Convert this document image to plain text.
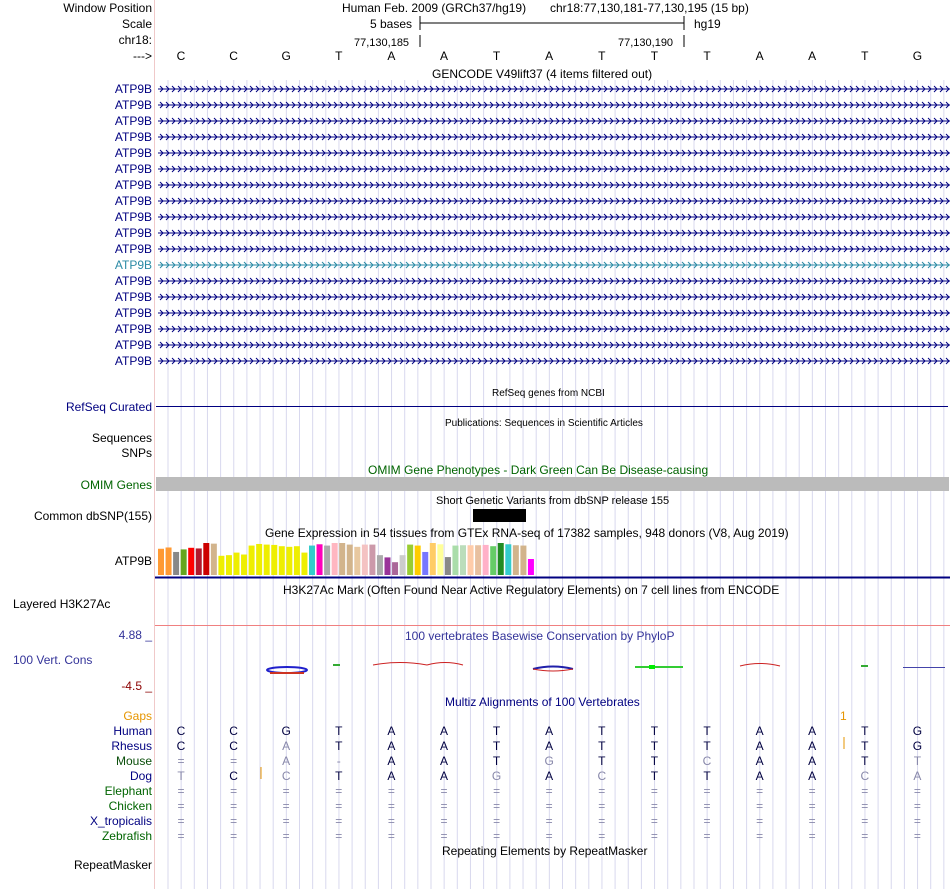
Window Position
Scale
chr18:
--->
Human Feb. 2009 (GRCh37/hg19) chr18:77,130,181-77,130,195 (15 bp)
5 bases	hg19
77,130,185	77,130,190
C	C	G	T	A	A	T	A	T	T	T	A	A	T	G
GENCODE V49lift37 (4 items filtered out)
ATP9B
ATP9B
ATP9B
ATP9B
ATP9B
ATP9B
ATP9B
ATP9B
ATP9B
ATP9B
ATP9B
ATP9B
ATP9B
ATP9B
ATP9B
ATP9B
ATP9B
ATP9B
RefSeq genes from NCBI
RefSeq Curated
Publications: Sequences in Scientific Articles
Sequences
SNPs
OMIM Gene Phenotypes - Dark Green Can Be Disease-causing
OMIM Genes
Short Genetic Variants from dbSNP release 155
Common dbSNP(155)
Gene Expression in 54 tissues from GTEx RNA-seq of 17382 samples, 948 donors (V8, Aug 2019)
ATP9B
H3K27Ac Mark (Often Found Near Active Regulatory Elements) on 7 cell lines from ENCODE
Layered H3K27Ac
100 vertebrates Basewise Conservation by PhyloP
4.88 _
100 Vert. Cons
-4.5 _
Multiz Alignments of 100 Vertebrates
Gaps	1
Human C	C	G	T	A	A	T	A	T	T	T	A	A	T	G
Rhesus C	C	A	T	A	A	T	A	T	T	T	A	A	T	G
Mouse =	=	A	-	A	A	T	G	T	T	C	A	A	T	T
Dog T	C	C	T	A	A	G	A	C	T	T	A	A	C	A
Elephant =	=	=	=	=	=	=	=	=	=	=	=	=	=	=
Chicken =	=	=	=	=	=	=	=	=	=	=	=	=	=	=
X_tropicalis =	=	=	=	=	=	=	=	=	=	=	=	=	=	=
Zebrafish =	=	=	=	=	=	=	=	=	=	=	=	=	=	=
Repeating Elements by RepeatMasker
RepeatMasker
